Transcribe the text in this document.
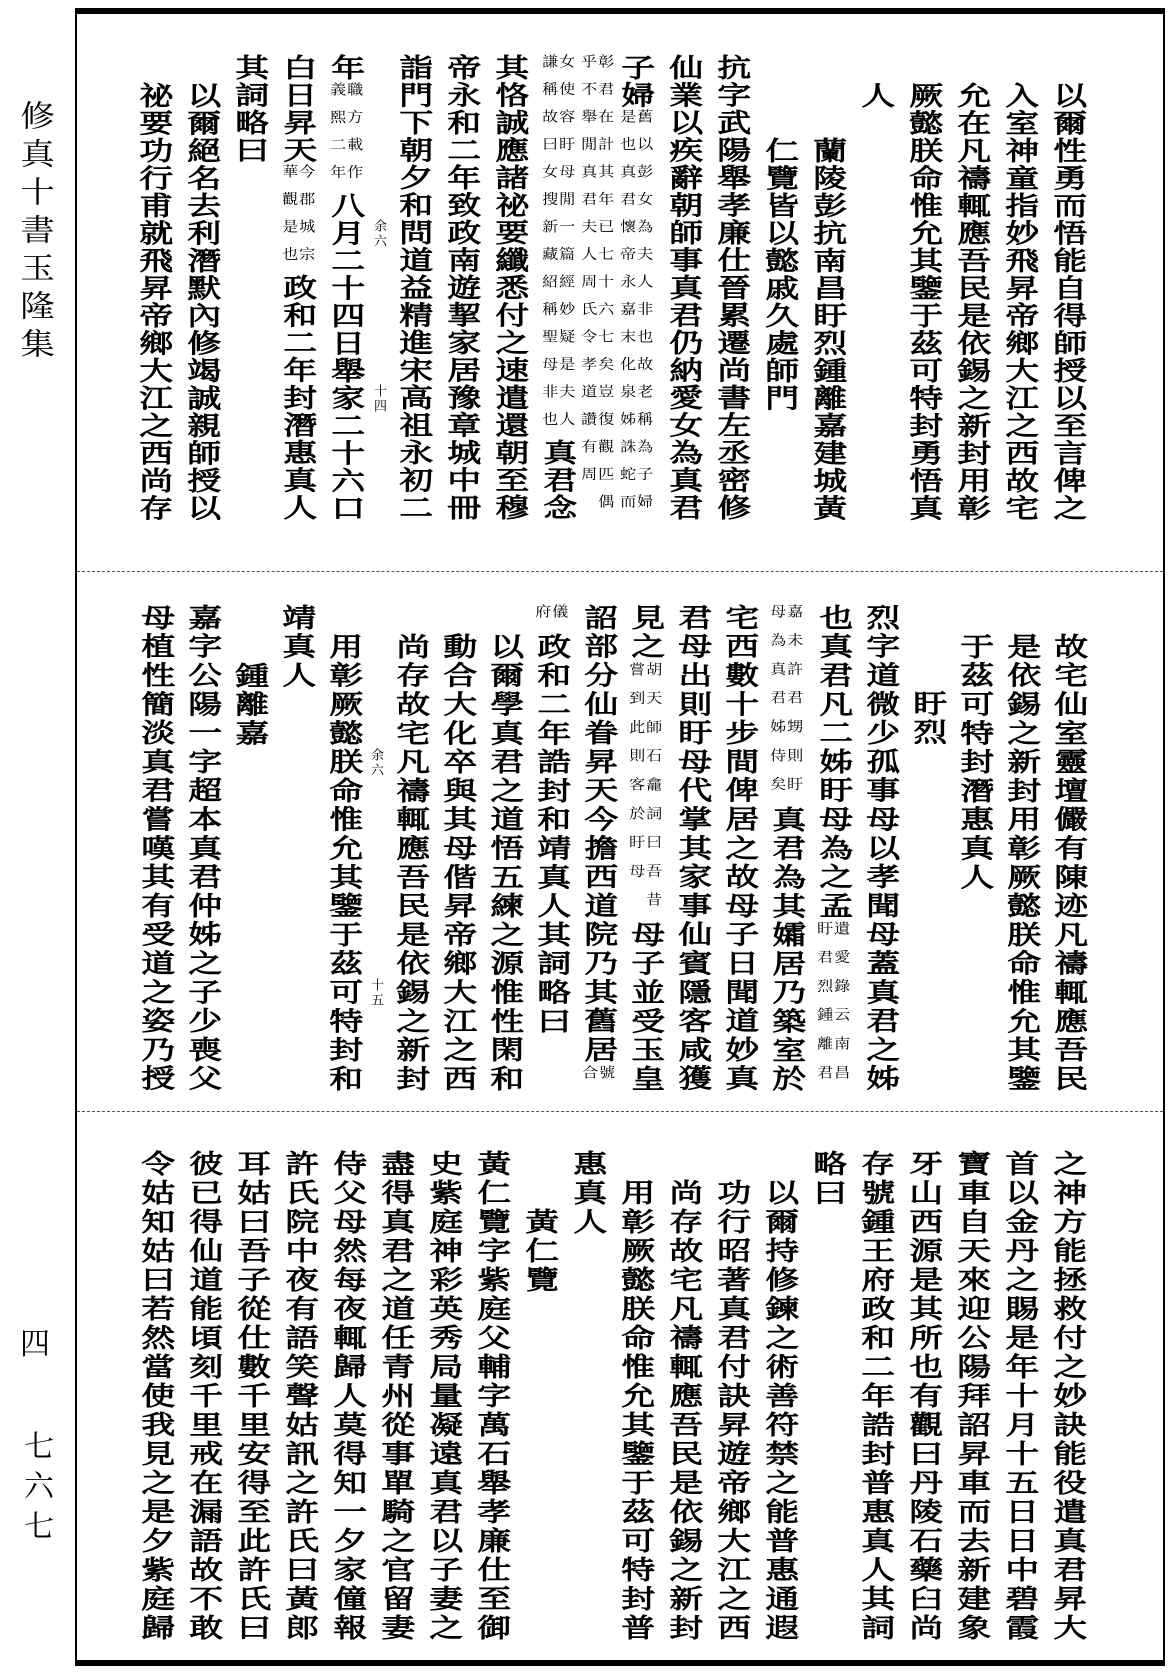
修真十書玉隆集
四
七六七
以爾性勇而悟能自得師授以至言俾之
入室神童指妙飛昇帝鄉大江之西故宅
允在凡禱輒應吾民是依錫之新封用彰
厥懿朕命惟允其鑒于茲可特封勇悟真
人
蘭陵彭抗南昌盱烈鍾離嘉建城黃
仁覽皆以懿戚久處師門
抗字武陽舉孝廉仕晉累遷尚書左丞密修
仙業以疾辭朝師事真君仍納愛女為真君
子婦
舊以彭女為夫人非也故老稱為子婦
是也真君懷帝永嘉末化泉姊誅蛇而
彰君在計其年已七十六七矣豈復觀匹偶
乎不舉閒真君夫人周氏令孝道讚有周
女使容盱母閒一篇經妙疑是夫人
謙稱故曰女搜新藏紹稱聖母非也
真君念
其恪誠應諸祕要纖悉付之速遣還朝至穆
帝永和二年致政南遊挈家居豫章城中冊
詣門下朝夕和問道益精進宋高祖永初二
余六
十四
年
職方載作
義熙二年
八月二十四日舉家二十六口
白日昇天
今郡城宗
華觀是也
政和二年封潛惠真人
其詞略曰
以爾絕名去利潛默內修竭誠親師授以
祕要功行甫就飛昇帝鄉大江之西尚存
故宅仙室靈壇儼有陳迹凡禱輒應吾民
是依錫之新封用彰厥懿朕命惟允其鑒
于茲可特封潛惠真人
盱烈
烈字道微少孤事母以孝聞母蓋真君之姊
也真君凡二姊盱母為之孟
遺愛錄云南昌
盱君烈鍾離君
嘉未許君甥則盱
母為真君姊侍矣
真君為其孀居乃築室於
宅西數十步間俾居之故母子日聞道妙真
君母出則盱母代掌其家事仙賓隱客咸獲
見之
胡天師石龕詞曰吾昔
嘗到此則客於盱母
母子並受玉皇
詔部分仙眷昇天今擔西道院乃其舊居
號
合
儀
府
政和二年誥封和靖真人其詞略曰
以爾學真君之道悟五練之源惟性閑和
動合大化卒與其母偕昇帝鄉大江之西
尚存故宅凡禱輒應吾民是依錫之新封
余六
十五
用彰厥懿朕命惟允其鑒于茲可特封和
靖真人
鍾離嘉
嘉字公陽一字超本真君仲姊之子少喪父
母植性簡淡真君嘗嘆其有受道之姿乃授
之神方能拯救付之妙訣能役遣真君昇大
首以金丹之賜是年十月十五日日中碧霞
寶車自天來迎公陽拜詔昇車而去新建象
牙山西源是其所也有觀曰丹陵石藥臼尚
存號鍾王府政和二年誥封普惠真人其詞
略曰
以爾持修鍊之術善符禁之能普惠通遐
功行昭著真君付訣昇遊帝鄉大江之西
尚存故宅凡禱輒應吾民是依錫之新封
用彰厥懿朕命惟允其鑒于茲可特封普
惠真人
黃仁覽
黃仁覽字紫庭父輔字萬石舉孝廉仕至御
史紫庭神彩英秀局量凝遠真君以子妻之
盡得真君之道任青州從事單騎之官留妻
侍父母然每夜輒歸人莫得知一夕家僮報
許氏院中夜有語笑聲姑訊之許氏曰黃郎
耳姑曰吾子從仕數千里安得至此許氏曰
彼已得仙道能頃刻千里戒在漏語故不敢
令姑知姑曰若然當使我見之是夕紫庭歸
